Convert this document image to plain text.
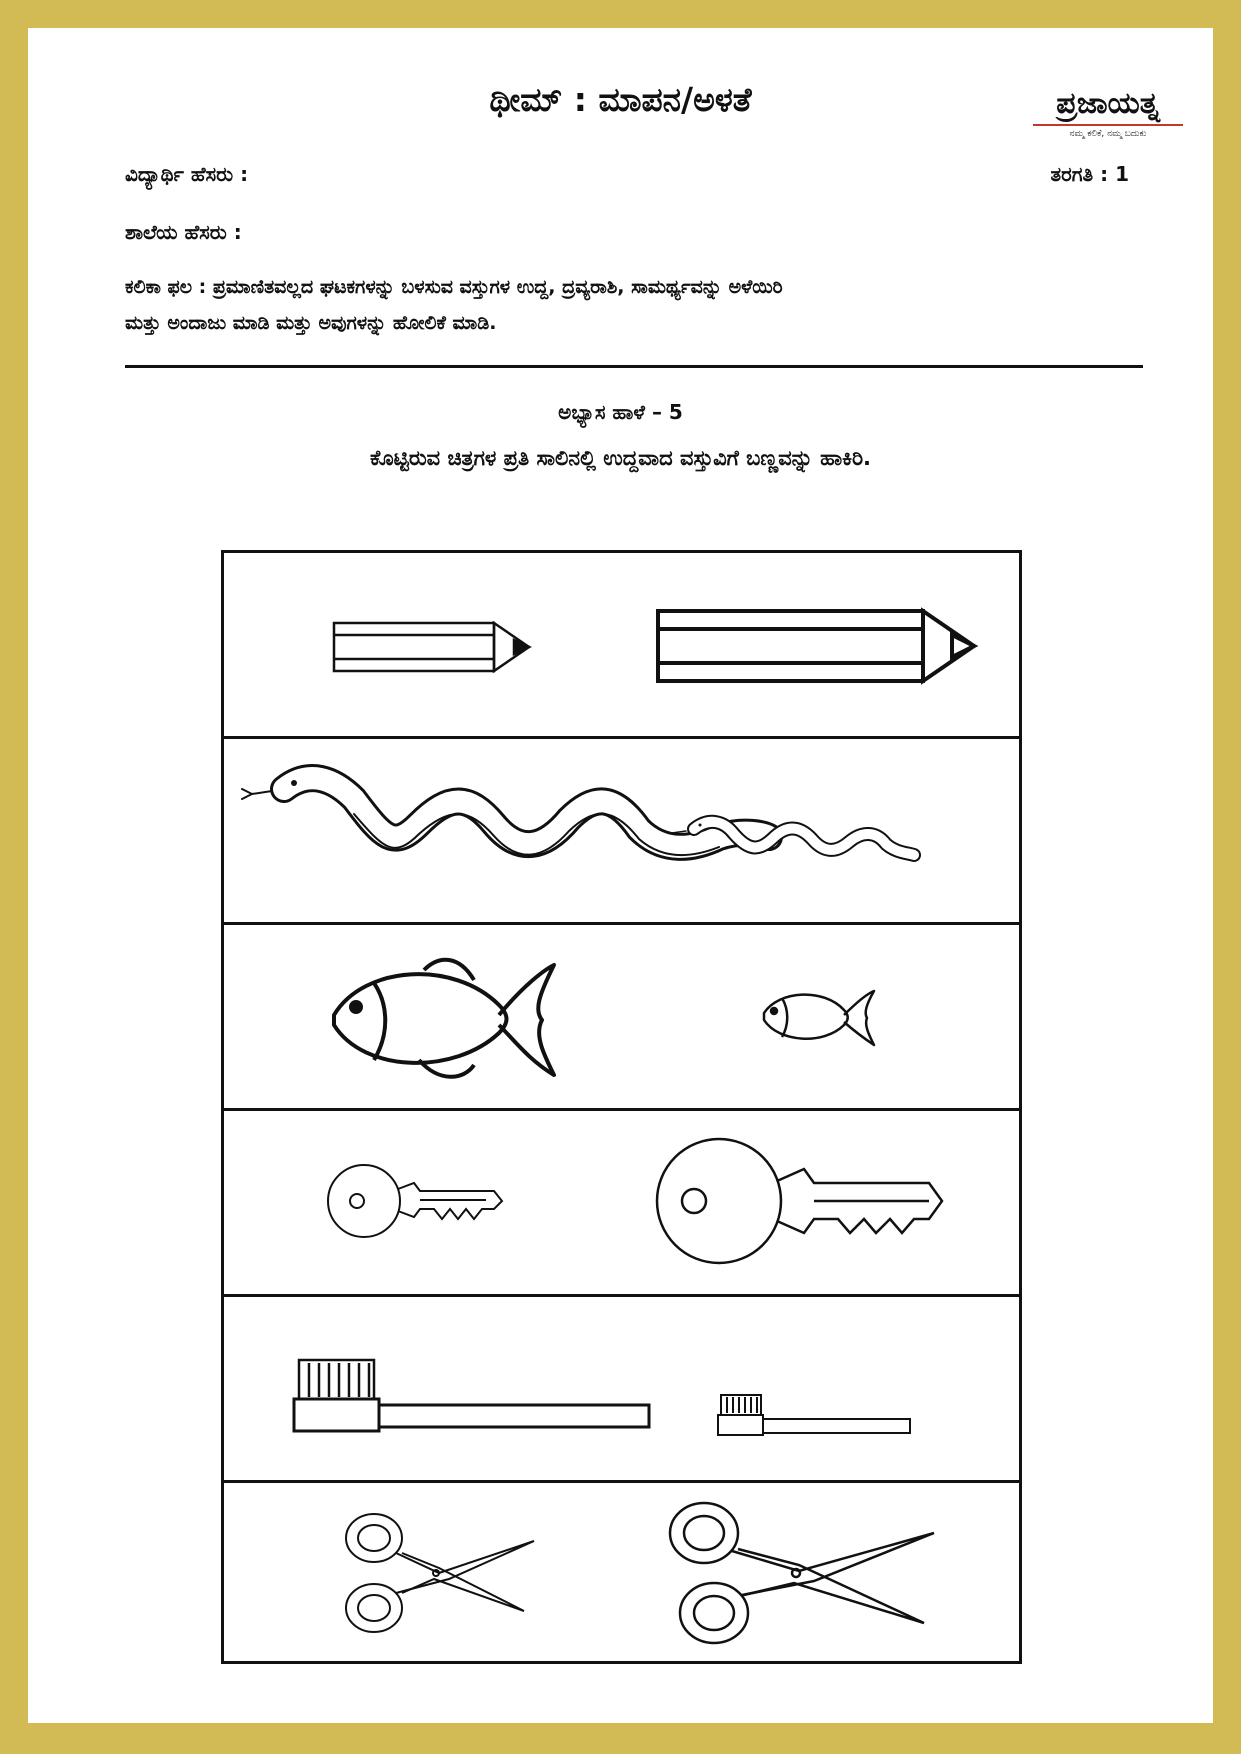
ಥೀಮ್ : ಮಾಪನ/ಅಳತೆ	ಪ್ರಜಾಯತ್ನ
ನಮ್ಮ ಕಲಿಕೆ, ನಮ್ಮ ಬದುಕು
ವಿದ್ಯಾರ್ಥಿ ಹೆಸರು :	ತರಗತಿ : 1
ಶಾಲೆಯ ಹೆಸರು :
ಕಲಿಕಾ ಫಲ : ಪ್ರಮಾಣಿತವಲ್ಲದ ಘಟಕಗಳನ್ನು ಬಳಸುವ ವಸ್ತುಗಳ ಉದ್ದ, ದ್ರವ್ಯರಾಶಿ, ಸಾಮರ್ಥ್ಯವನ್ನು ಅಳೆಯಿರಿ
ಮತ್ತು ಅಂದಾಜು ಮಾಡಿ ಮತ್ತು ಅವುಗಳನ್ನು ಹೋಲಿಕೆ ಮಾಡಿ.
ಅಭ್ಯಾಸ ಹಾಳೆ – 5
ಕೊಟ್ಟಿರುವ ಚಿತ್ರಗಳ ಪ್ರತಿ ಸಾಲಿನಲ್ಲಿ ಉದ್ದವಾದ ವಸ್ತುವಿಗೆ ಬಣ್ಣವನ್ನು ಹಾಕಿರಿ.
